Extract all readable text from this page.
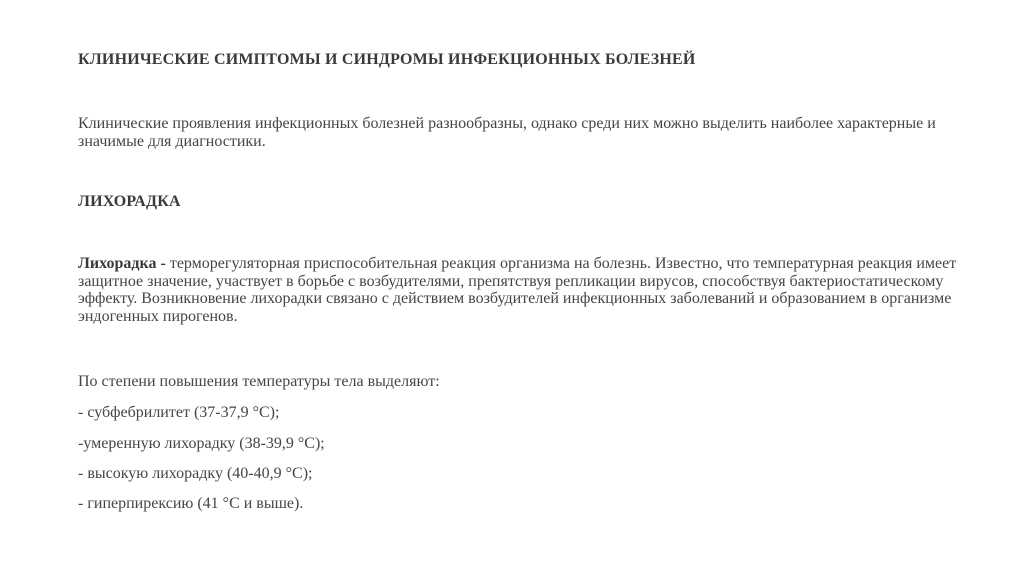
КЛИНИЧЕСКИЕ СИМПТОМЫ И СИНДРОМЫ ИНФЕКЦИОННЫХ БОЛЕЗНЕЙ

Клинические проявления инфекционных болезней разнообразны, однако среди них можно выделить наиболее характерные и значимые для диагностики.

ЛИХОРАДКА

Лихорадка - терморегуляторная приспособительная реакция организма на болезнь. Известно, что температурная реакция имеет защитное значение, участвует в борьбе с возбудителями, препятствуя репликации вирусов, способствуя бактериостатическому эффекту. Возникновение лихорадки связано с действием возбудителей инфекционных заболеваний и образованием в организме эндогенных пирогенов.

По степени повышения температуры тела выделяют:

- субфебрилитет (37-37,9 °С);

-умеренную лихорадку (38-39,9 °С);

- высокую лихорадку (40-40,9 °С);

- гиперпирексию (41 °С и выше).
